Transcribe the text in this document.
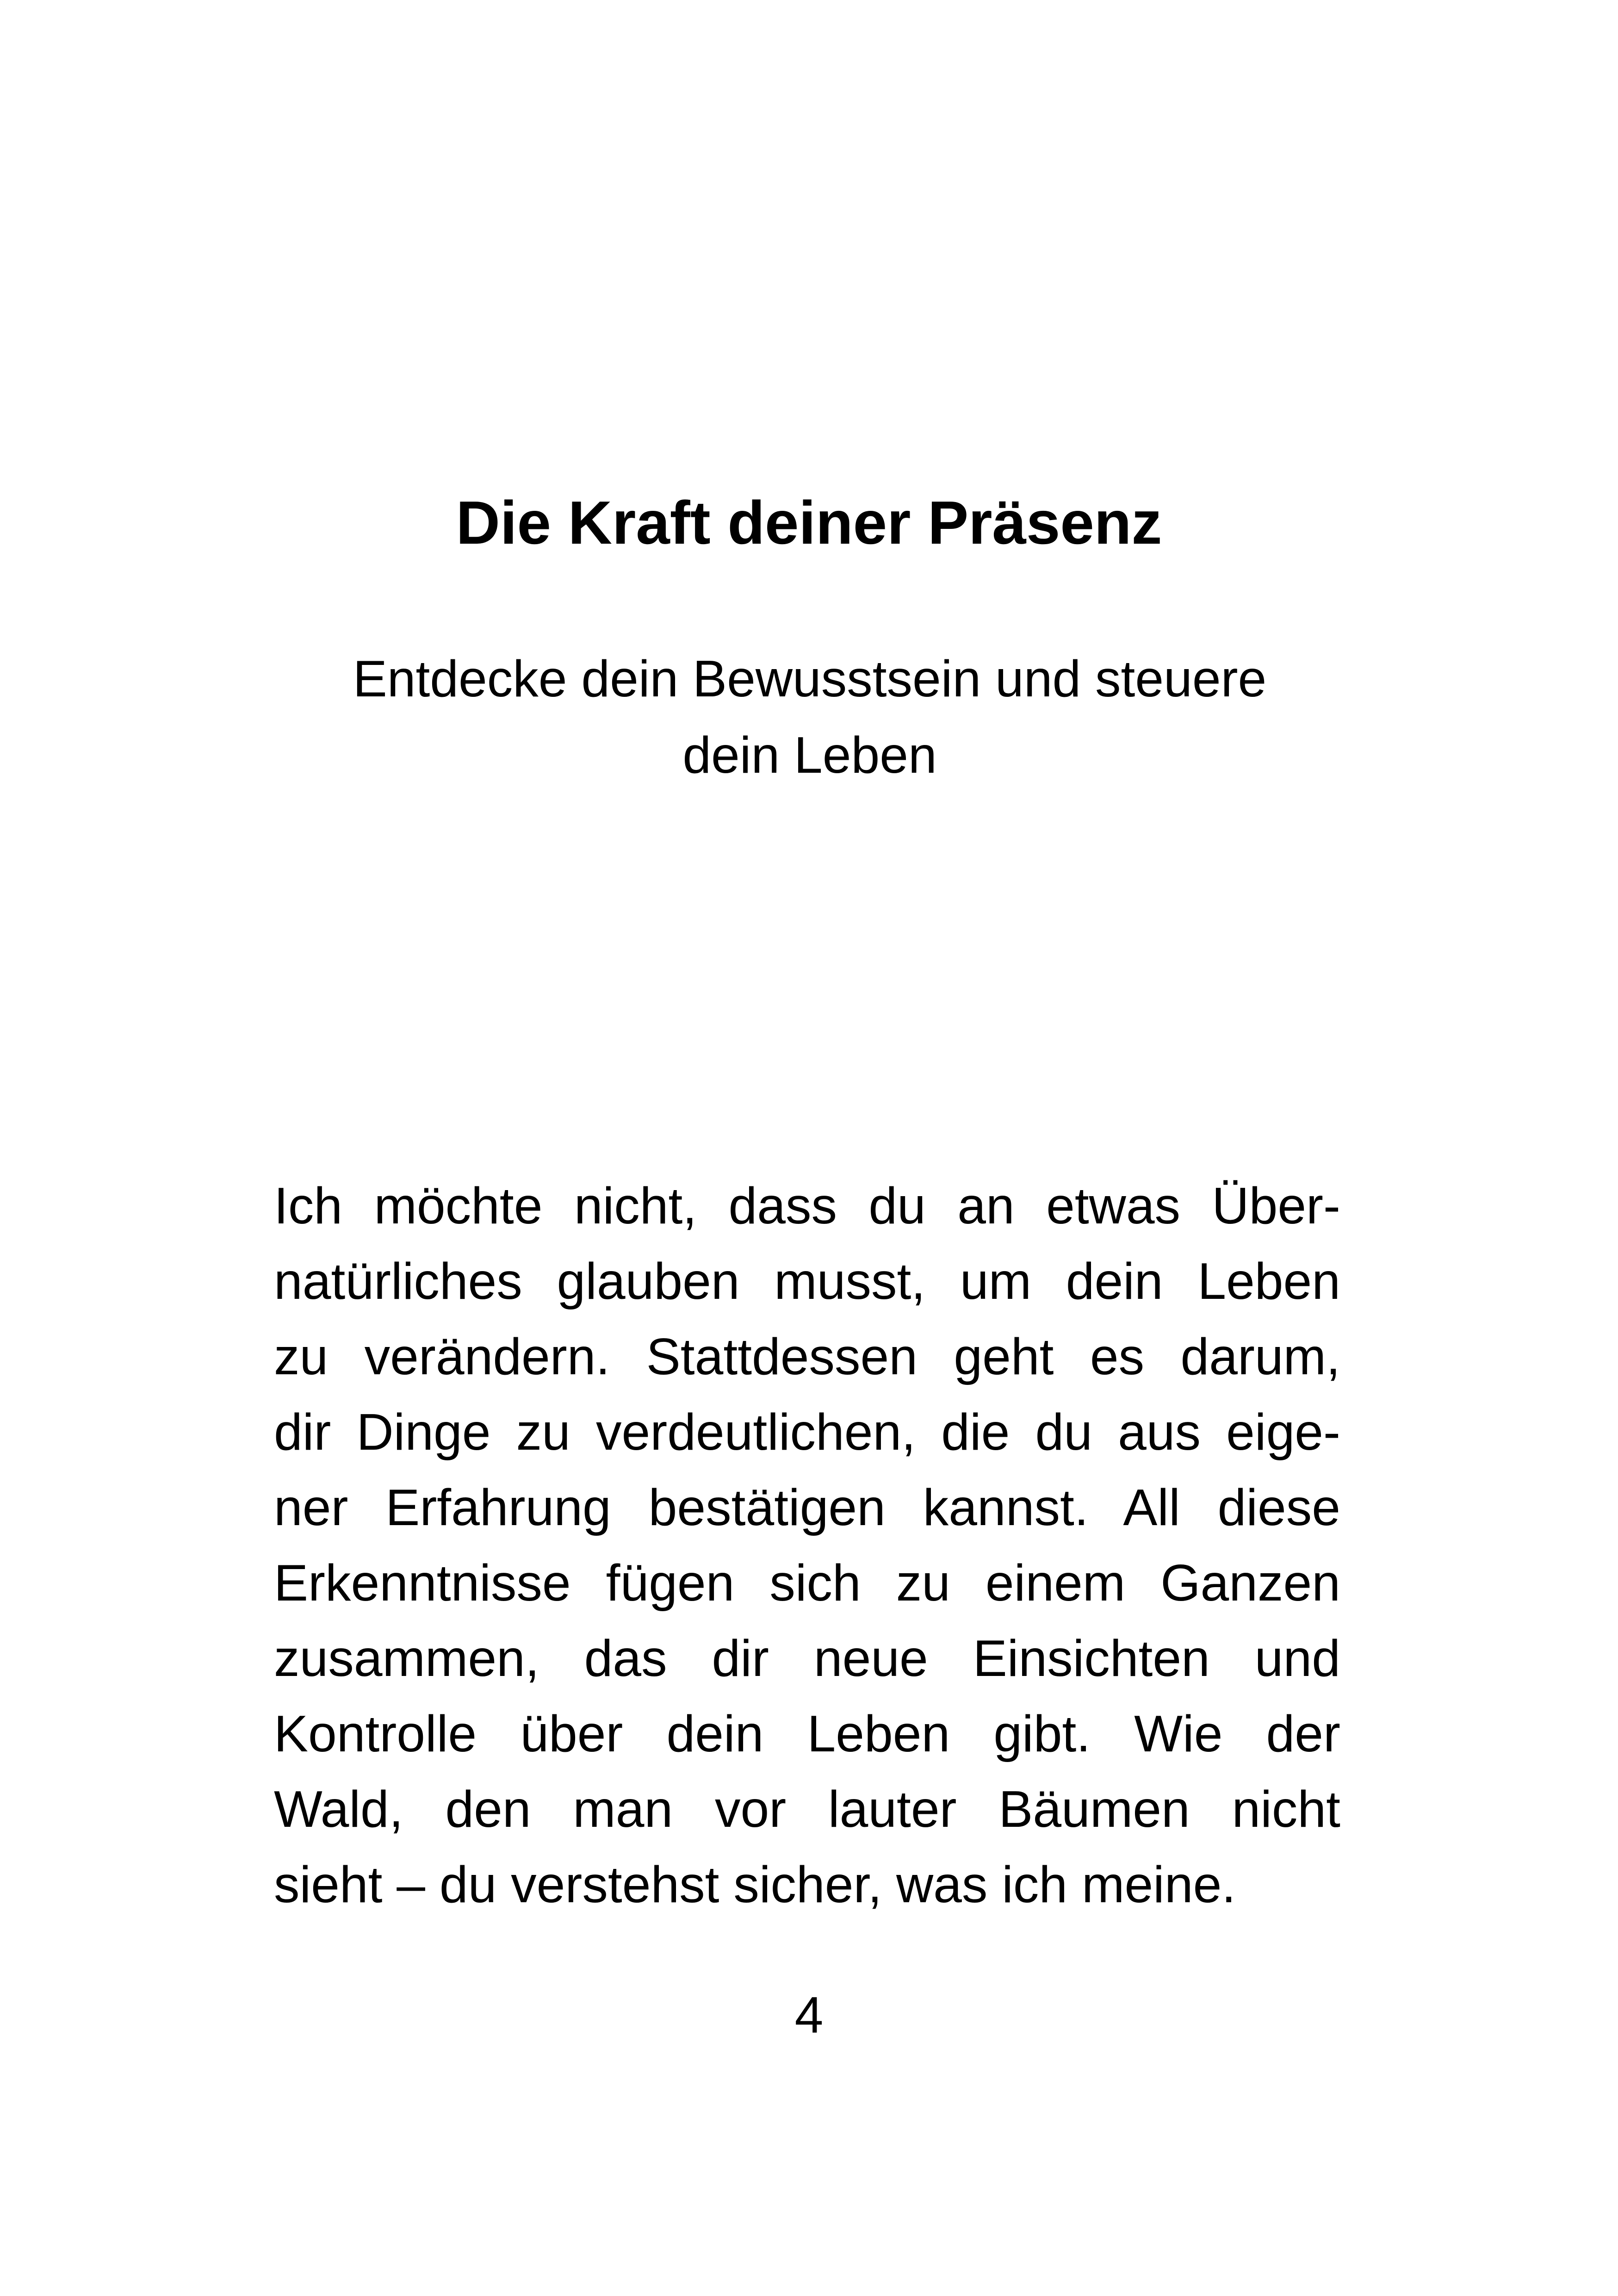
Die Kraft deiner Präsenz
Entdecke dein Bewusstsein und steuere
dein Leben
Ich möchte nicht, dass du an etwas Über-
natürliches glauben musst, um dein Leben
zu verändern. Stattdessen geht es darum,
dir Dinge zu verdeutlichen, die du aus eige-
ner Erfahrung bestätigen kannst. All diese
Erkenntnisse fügen sich zu einem Ganzen
zusammen, das dir neue Einsichten und
Kontrolle über dein Leben gibt. Wie der
Wald, den man vor lauter Bäumen nicht
sieht – du verstehst sicher, was ich meine.
4
